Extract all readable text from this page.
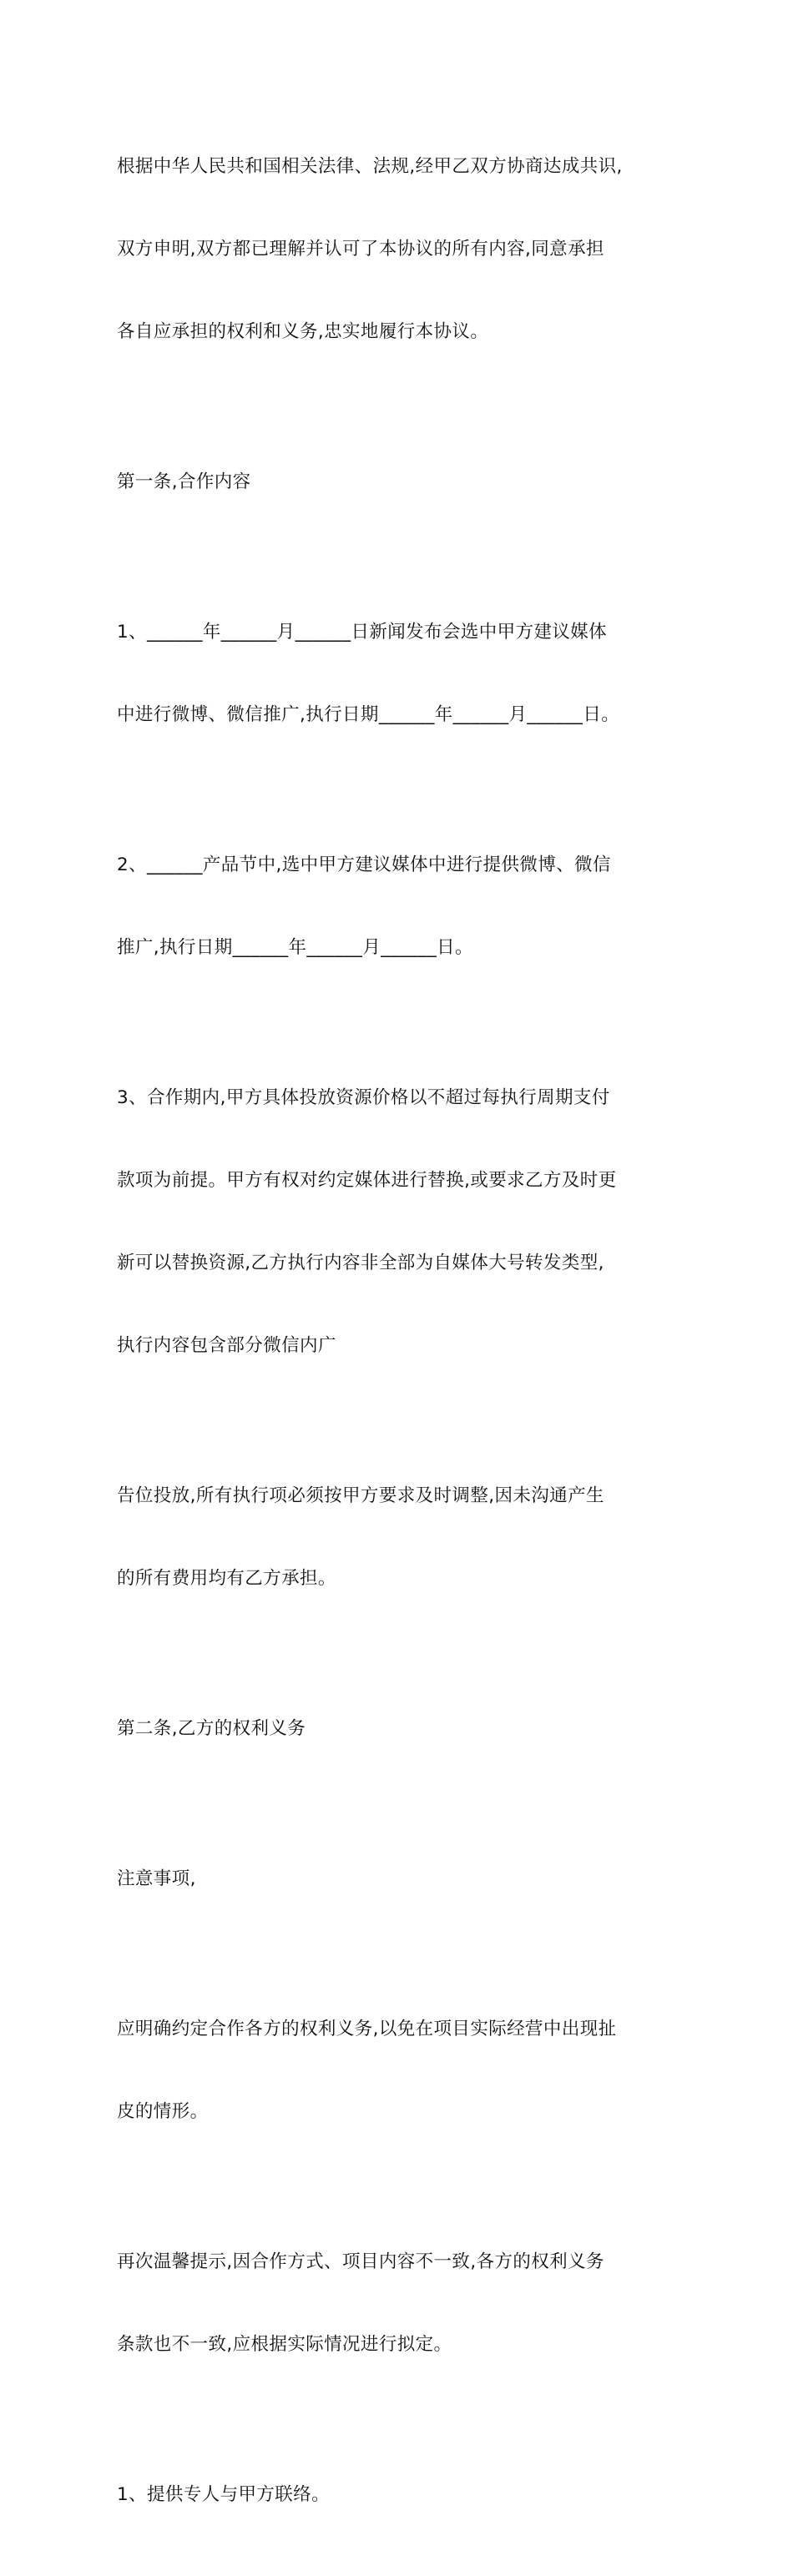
根据中华人民共和国相关法律、法规,经甲乙双方协商达成共识,

双方申明,双方都已理解并认可了本协议的所有内容,同意承担

各自应承担的权利和义务,忠实地履行本协议。

第一条,合作内容

1、______年______月______日新闻发布会选中甲方建议媒体

中进行微博、微信推广,执行日期______年______月______日。

2、______产品节中,选中甲方建议媒体中进行提供微博、微信

推广,执行日期______年______月______日。

3、合作期内,甲方具体投放资源价格以不超过每执行周期支付

款项为前提。甲方有权对约定媒体进行替换,或要求乙方及时更

新可以替换资源,乙方执行内容非全部为自媒体大号转发类型,

执行内容包含部分微信内广

告位投放,所有执行项必须按甲方要求及时调整,因未沟通产生

的所有费用均有乙方承担。

第二条,乙方的权利义务

注意事项,

应明确约定合作各方的权利义务,以免在项目实际经营中出现扯

皮的情形。

再次温馨提示,因合作方式、项目内容不一致,各方的权利义务

条款也不一致,应根据实际情况进行拟定。

1、提供专人与甲方联络。
